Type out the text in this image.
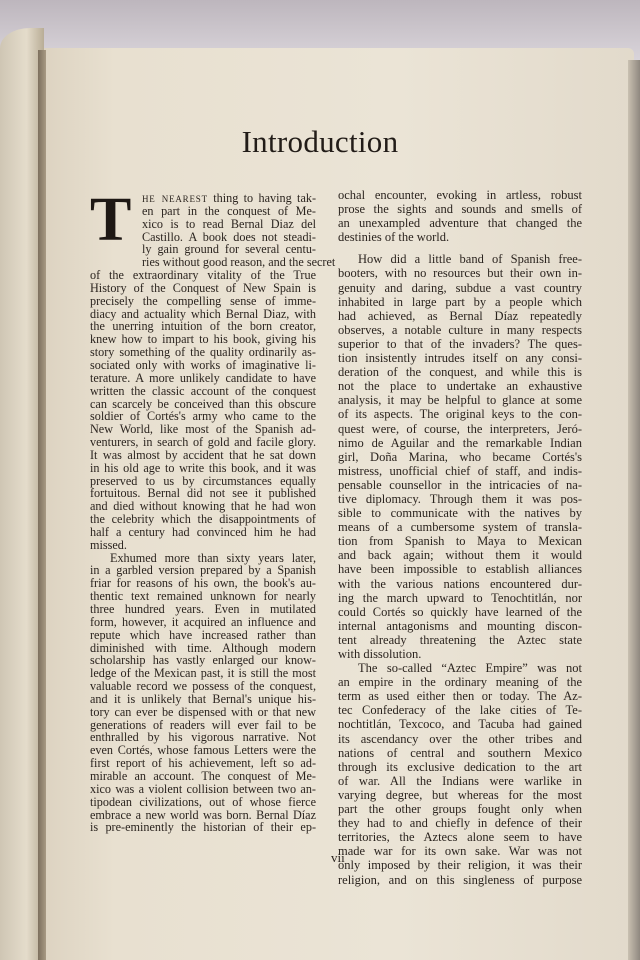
Introduction
T he nearest thing to having tak-
en part in the conquest of Me-
xico is to read Bernal Diaz del
Castillo. A book does not steadi-
ly gain ground for several centu-
ries without good reason, and the secret
of the extraordinary vitality of the True
History of the Conquest of New Spain is
precisely the compelling sense of imme-
diacy and actuality which Bernal Diaz, with
the unerring intuition of the born creator,
knew how to impart to his book, giving his
story something of the quality ordinarily as-
sociated only with works of imaginative li-
terature. A more unlikely candidate to have
written the classic account of the conquest
can scarcely be conceived than this obscure
soldier of Cortés's army who came to the
New World, like most of the Spanish ad-
venturers, in search of gold and facile glory.
It was almost by accident that he sat down
in his old age to write this book, and it was
preserved to us by circumstances equally
fortuitous. Bernal did not see it published
and died without knowing that he had won
the celebrity which the disappointments of
half a century had convinced him he had
missed.
Exhumed more than sixty years later,
in a garbled version prepared by a Spanish
friar for reasons of his own, the book's au-
thentic text remained unknown for nearly
three hundred years. Even in mutilated
form, however, it acquired an influence and
repute which have increased rather than
diminished with time. Although modern
scholarship has vastly enlarged our know-
ledge of the Mexican past, it is still the most
valuable record we possess of the conquest,
and it is unlikely that Bernal's unique his-
tory can ever be dispensed with or that new
generations of readers will ever fail to be
enthralled by his vigorous narrative. Not
even Cortés, whose famous Letters were the
first report of his achievement, left so ad-
mirable an account. The conquest of Me-
xico was a violent collision between two an-
tipodean civilizations, out of whose fierce
embrace a new world was born. Bernal Díaz
is pre-eminently the historian of their ep-
ochal encounter, evoking in artless, robust
prose the sights and sounds and smells of
an unexampled adventure that changed the
destinies of the world.
How did a little band of Spanish free-
booters, with no resources but their own in-
genuity and daring, subdue a vast country
inhabited in large part by a people which
had achieved, as Bernal Díaz repeatedly
observes, a notable culture in many respects
superior to that of the invaders? The ques-
tion insistently intrudes itself on any consi-
deration of the conquest, and while this is
not the place to undertake an exhaustive
analysis, it may be helpful to glance at some
of its aspects. The original keys to the con-
quest were, of course, the interpreters, Jeró-
nimo de Aguilar and the remarkable Indian
girl, Doña Marina, who became Cortés's
mistress, unofficial chief of staff, and indis-
pensable counsellor in the intricacies of na-
tive diplomacy. Through them it was pos-
sible to communicate with the natives by
means of a cumbersome system of transla-
tion from Spanish to Maya to Mexican
and back again; without them it would
have been impossible to establish alliances
with the various nations encountered dur-
ing the march upward to Tenochtitlán, nor
could Cortés so quickly have learned of the
internal antagonisms and mounting discon-
tent already threatening the Aztec state
with dissolution.
The so-called “Aztec Empire” was not
an empire in the ordinary meaning of the
term as used either then or today. The Az-
tec Confederacy of the lake cities of Te-
nochtitlán, Texcoco, and Tacuba had gained
its ascendancy over the other tribes and
nations of central and southern Mexico
through its exclusive dedication to the art
of war. All the Indians were warlike in
varying degree, but whereas for the most
part the other groups fought only when
they had to and chiefly in defence of their
territories, the Aztecs alone seem to have
made war for its own sake. War was not
only imposed by their religion, it was their
religion, and on this singleness of purpose
vii
